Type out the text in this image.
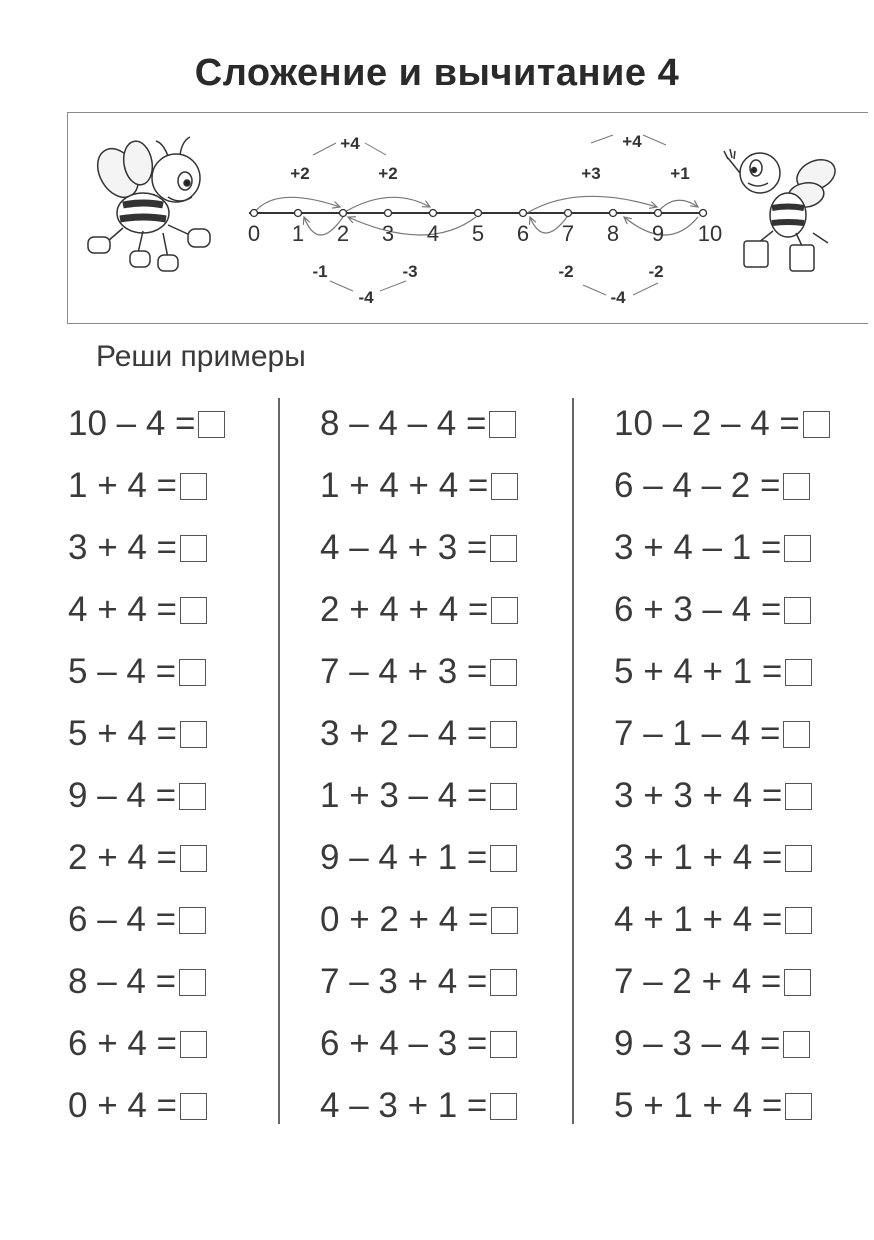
Сложение и вычитание 4
0 1 2 3 4 5 6 7 8 9 10
+2	+2
+4
+3	+1
+4
-1	-3
-4
-2	-2
-4
Реши примеры
10 – 4 =
1 + 4 =
3 + 4 =
4 + 4 =
5 – 4 =
5 + 4 =
9 – 4 =
2 + 4 =
6 – 4 =
8 – 4 =
6 + 4 =
0 + 4 =
8 – 4 – 4 =
1 + 4 + 4 =
4 – 4 + 3 =
2 + 4 + 4 =
7 – 4 + 3 =
3 + 2 – 4 =
1 + 3 – 4 =
9 – 4 + 1 =
0 + 2 + 4 =
7 – 3 + 4 =
6 + 4 – 3 =
4 – 3 + 1 =
10 – 2 – 4 =
6 – 4 – 2 =
3 + 4 – 1 =
6 + 3 – 4 =
5 + 4 + 1 =
7 – 1 – 4 =
3 + 3 + 4 =
3 + 1 + 4 =
4 + 1 + 4 =
7 – 2 + 4 =
9 – 3 – 4 =
5 + 1 + 4 =
